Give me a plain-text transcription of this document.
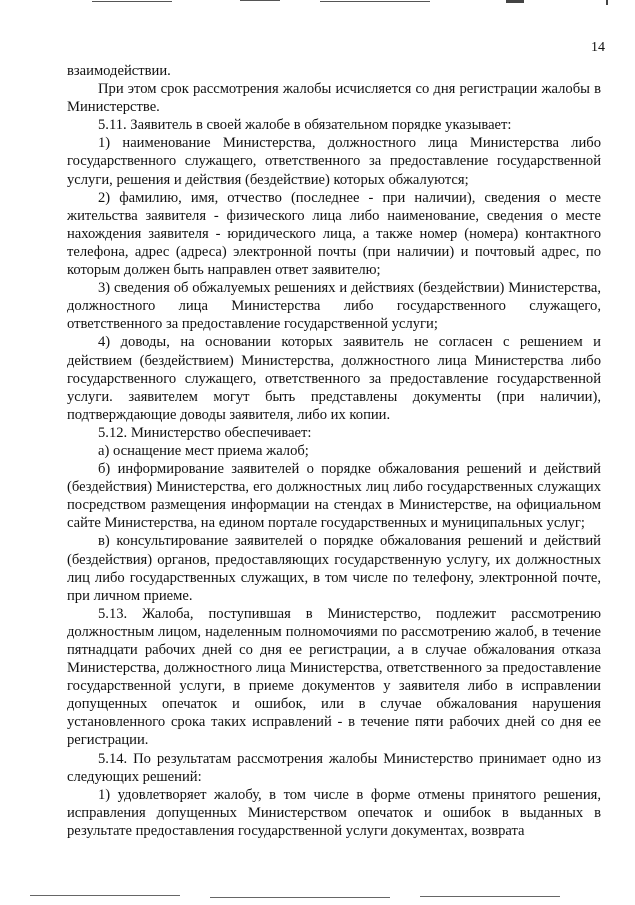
14

взаимодействии.

При этом срок рассмотрения жалобы исчисляется со дня регистрации жалобы в Министерстве.

5.11. Заявитель в своей жалобе в обязательном порядке указывает:

1) наименование Министерства, должностного лица Министерства либо государственного служащего, ответственного за предоставление государственной услуги, решения и действия (бездействие) которых обжалуются;

2) фамилию, имя, отчество (последнее - при наличии), сведения о месте жительства заявителя - физического лица либо наименование, сведения о месте нахождения заявителя - юридического лица, а также номер (номера) контактного телефона, адрес (адреса) электронной почты (при наличии) и почтовый адрес, по которым должен быть направлен ответ заявителю;

3) сведения об обжалуемых решениях и действиях (бездействии) Министерства, должностного лица Министерства либо государственного служащего, ответственного за предоставление государственной услуги;

4) доводы, на основании которых заявитель не согласен с решением и действием (бездействием) Министерства, должностного лица Министерства либо государственного служащего, ответственного за предоставление государственной услуги. заявителем могут быть представлены документы (при наличии), подтверждающие доводы заявителя, либо их копии.

5.12. Министерство обеспечивает:

а) оснащение мест приема жалоб;

б) информирование заявителей о порядке обжалования решений и действий (бездействия) Министерства, его должностных лиц либо государственных служащих посредством размещения информации на стендах в Министерстве, на официальном сайте Министерства, на едином портале государственных и муниципальных услуг;

в) консультирование заявителей о порядке обжалования решений и действий (бездействия) органов, предоставляющих государственную услугу, их должностных лиц либо государственных служащих, в том числе по телефону, электронной почте, при личном приеме.

5.13. Жалоба, поступившая в Министерство, подлежит рассмотрению должностным лицом, наделенным полномочиями по рассмотрению жалоб, в течение пятнадцати рабочих дней со дня ее регистрации, а в случае обжалования отказа Министерства, должностного лица Министерства, ответственного за предоставление государственной услуги, в приеме документов у заявителя либо в исправлении допущенных опечаток и ошибок, или в случае обжалования нарушения установленного срока таких исправлений - в течение пяти рабочих дней со дня ее регистрации.

5.14. По результатам рассмотрения жалобы Министерство принимает одно из следующих решений:

1) удовлетворяет жалобу, в том числе в форме отмены принятого решения, исправления допущенных Министерством опечаток и ошибок в выданных в результате предоставления государственной услуги документах, возврата
